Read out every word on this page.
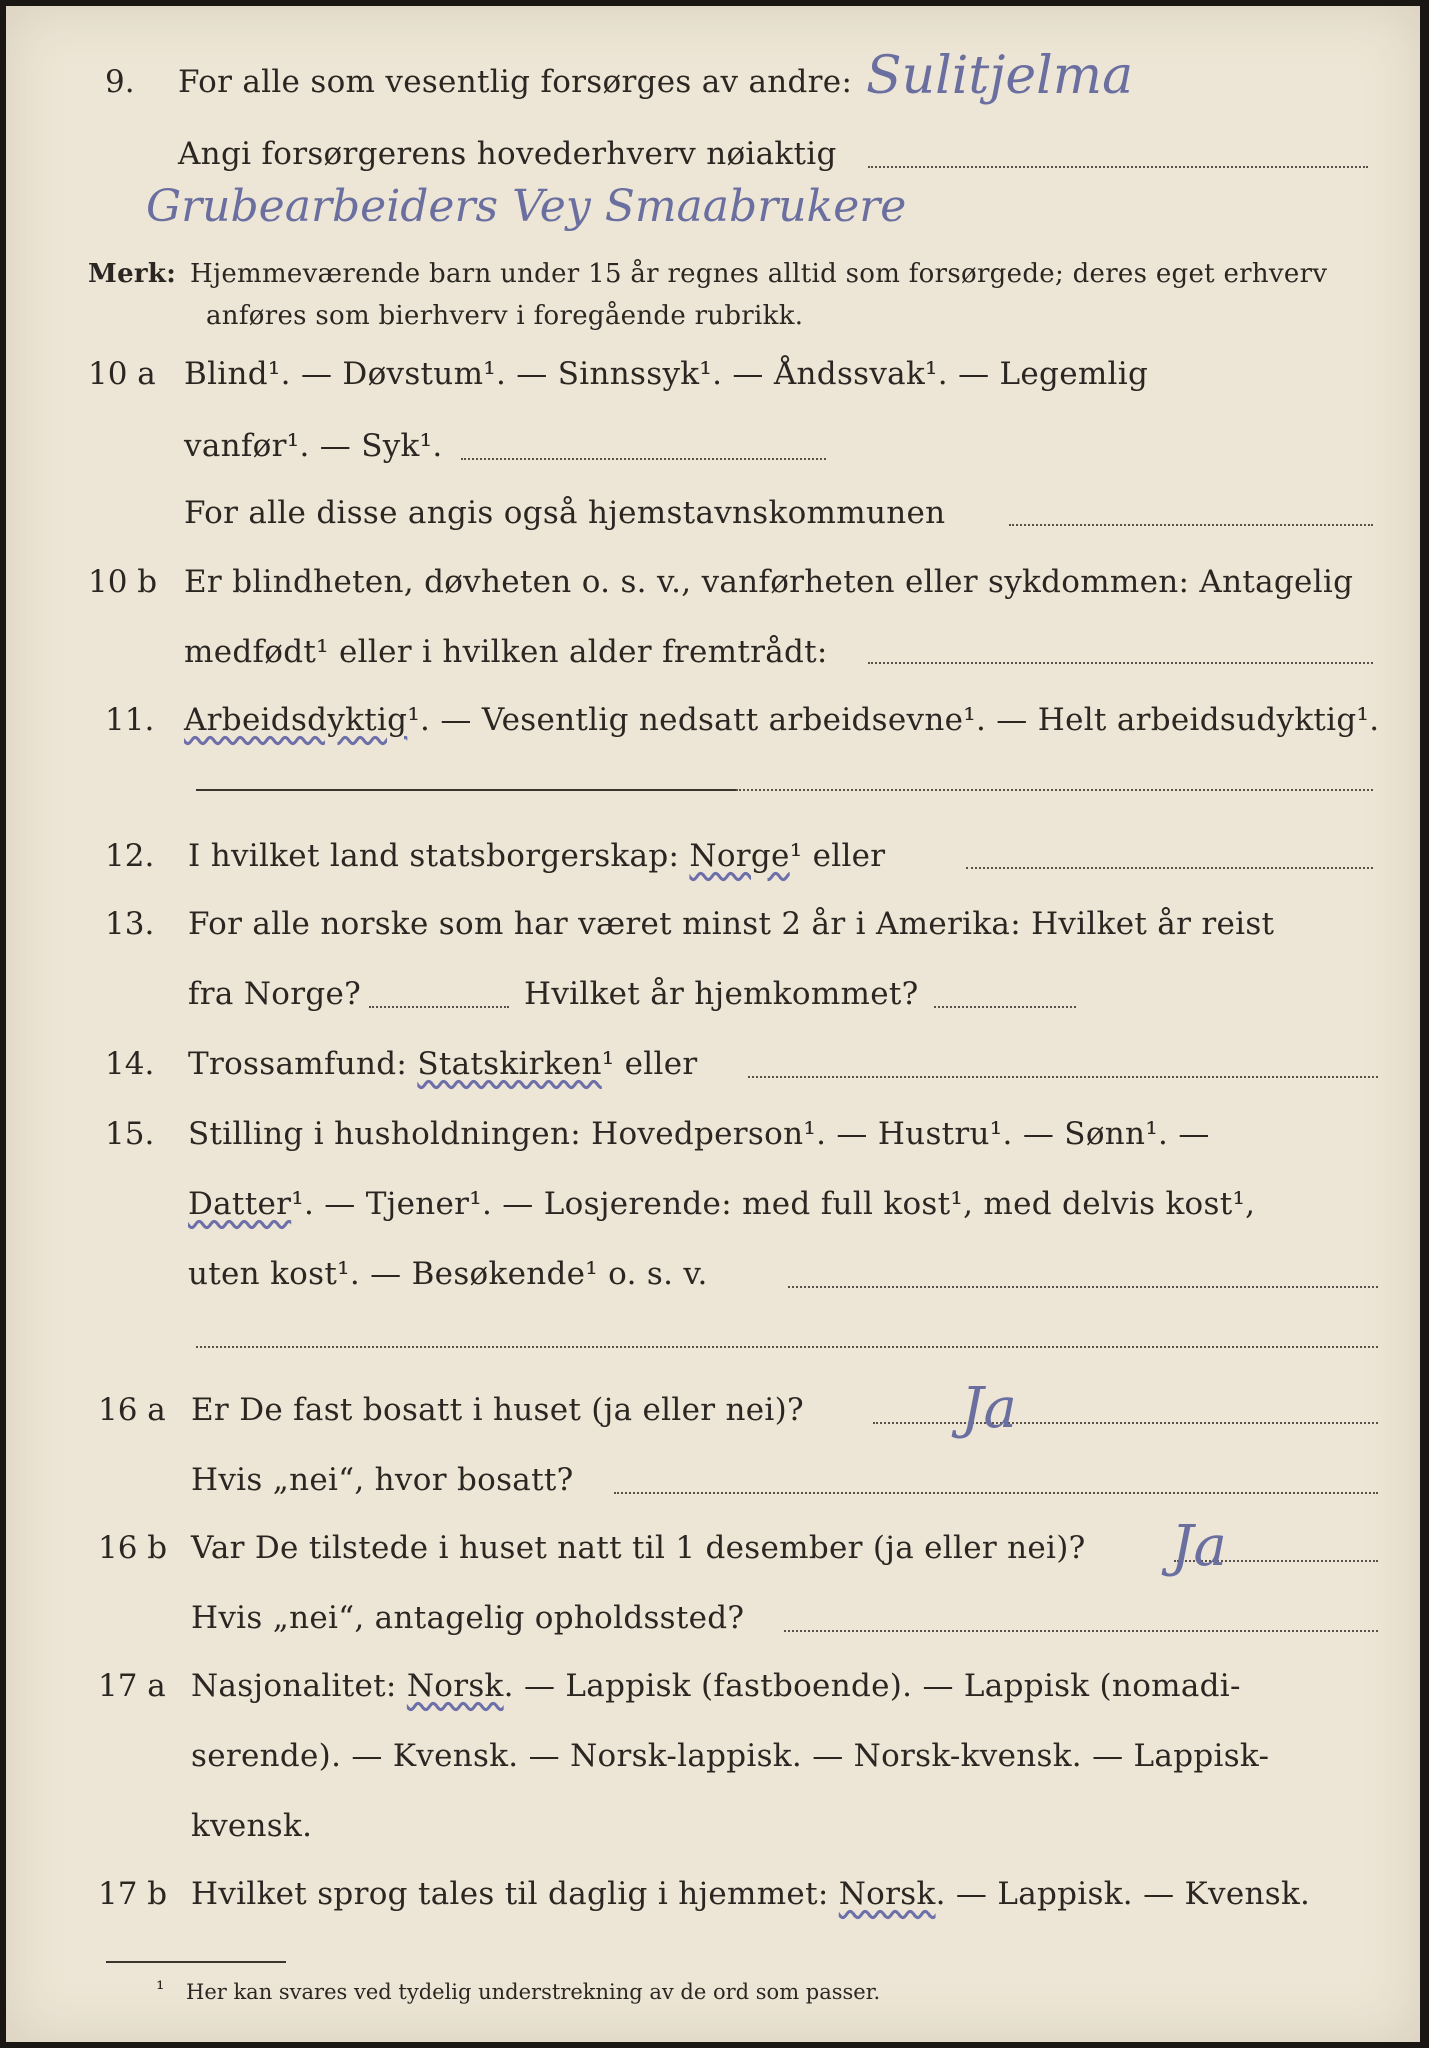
9. For alle som vesentlig forsørges av andre: Sulitjelma
Angi forsørgerens hovederhverv nøiaktig
Grubearbeiders Vey Smaabrukere
Merk: Hjemmeværende barn under 15 år regnes alltid som forsørgede; deres eget erhverv
anføres som bierhverv i foregående rubrikk.
10 a Blind¹. — Døvstum¹. — Sinnssyk¹. — Åndssvak¹. — Legemlig
vanfør¹. — Syk¹.
For alle disse angis også hjemstavnskommunen
10 b Er blindheten, døvheten o. s. v., vanførheten eller sykdommen: Antagelig
medfødt¹ eller i hvilken alder fremtrådt:
11. Arbeidsdyktig¹. — Vesentlig nedsatt arbeidsevne¹. — Helt arbeidsudyktig¹.
12. I hvilket land statsborgerskap: Norge¹ eller
13. For alle norske som har været minst 2 år i Amerika: Hvilket år reist
fra Norge?	Hvilket år hjemkommet?
14. Trossamfund: Statskirken¹ eller
15. Stilling i husholdningen: Hovedperson¹. — Hustru¹. — Sønn¹. —
Datter¹. — Tjener¹. — Losjerende: med full kost¹, med delvis kost¹,
uten kost¹. — Besøkende¹ o. s. v.
16 a Er De fast bosatt i huset (ja eller nei)?	Ja
Hvis „nei“, hvor bosatt?
16 b Var De tilstede i huset natt til 1 desember (ja eller nei)? Ja
Hvis „nei“, antagelig opholdssted?
17 a Nasjonalitet: Norsk. — Lappisk (fastboende). — Lappisk (nomadi-
serende). — Kvensk. — Norsk-lappisk. — Norsk-kvensk. — Lappisk-
kvensk.
17 b Hvilket sprog tales til daglig i hjemmet: Norsk. — Lappisk. — Kvensk.
¹ Her kan svares ved tydelig understrekning av de ord som passer.
